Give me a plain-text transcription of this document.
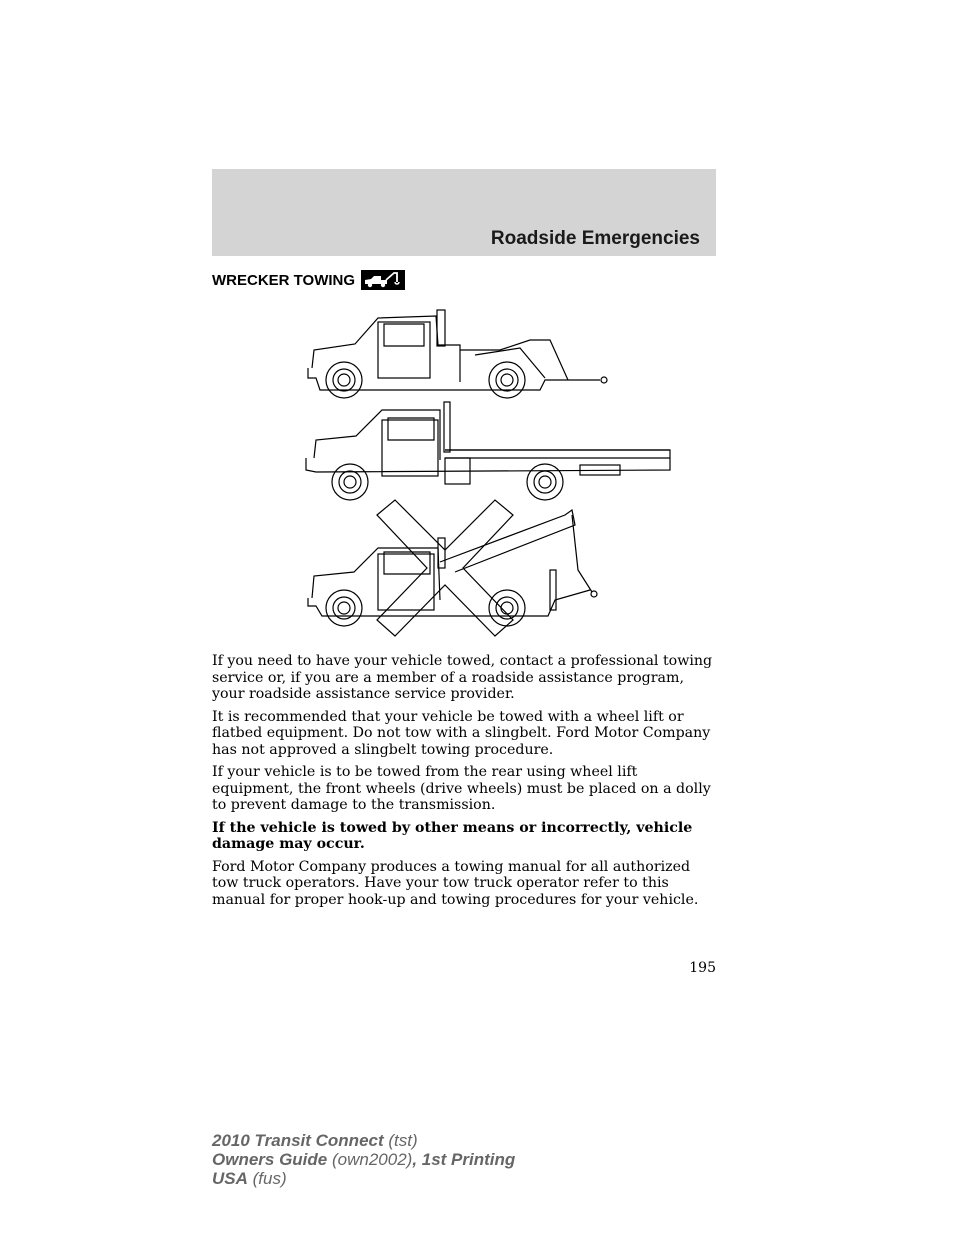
Roadside Emergencies
WRECKER TOWING

If you need to have your vehicle towed, contact a professional towing service or, if you are a member of a roadside assistance program, your roadside assistance service provider.

It is recommended that your vehicle be towed with a wheel lift or flatbed equipment. Do not tow with a slingbelt. Ford Motor Company has not approved a slingbelt towing procedure.

If your vehicle is to be towed from the rear using wheel lift equipment, the front wheels (drive wheels) must be placed on a dolly to prevent damage to the transmission.

If the vehicle is towed by other means or incorrectly, vehicle damage may occur.

Ford Motor Company produces a towing manual for all authorized tow truck operators. Have your tow truck operator refer to this manual for proper hook-up and towing procedures for your vehicle.

195
2010 Transit Connect (tst)
Owners Guide (own2002), 1st Printing
USA (fus)
